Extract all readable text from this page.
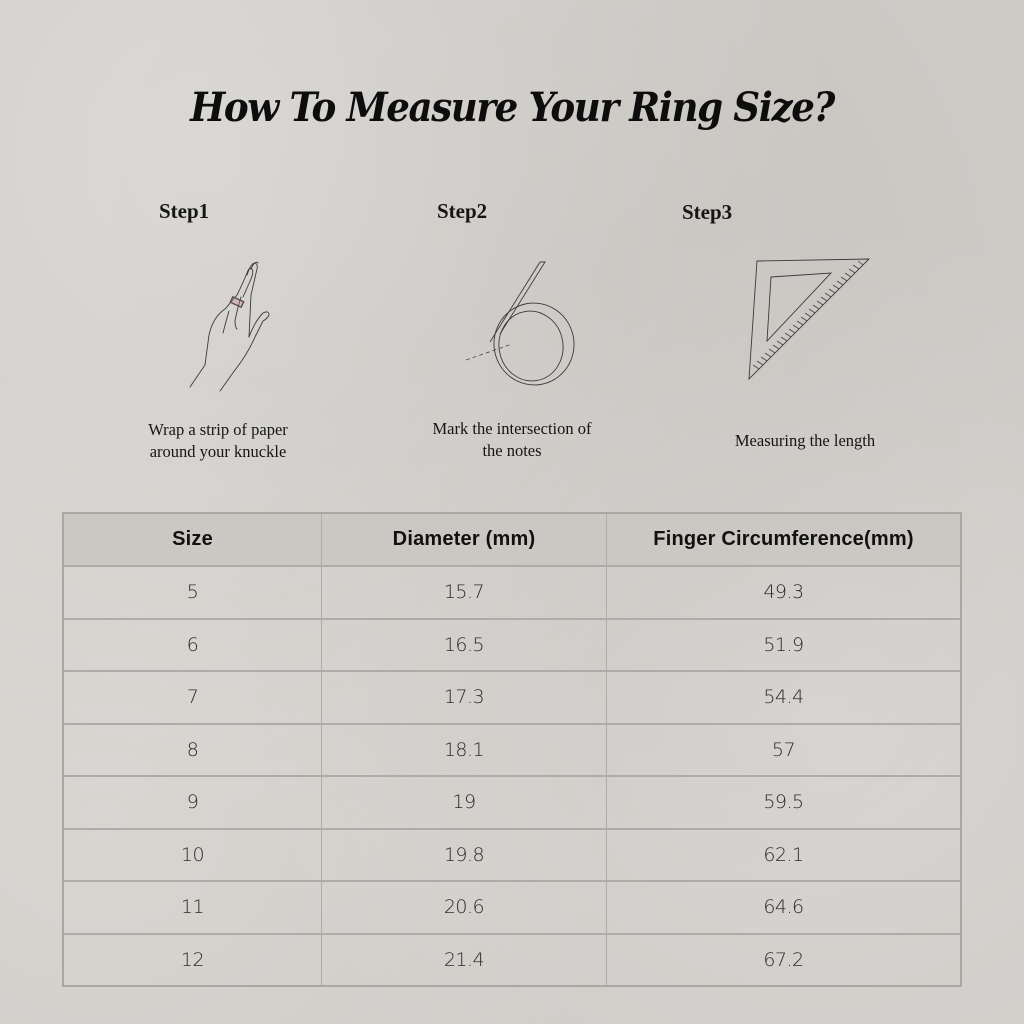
How To Measure Your Ring Size?
Step1
Wrap a strip of paper
around your knuckle
Step2
Mark the intersection of
the notes
Step3
Measuring the length
Size	Diameter (mm)	Finger Circumference(mm)
5	15.7	49.3
6	16.5	51.9
7	17.3	54.4
8	18.1	57
9	19	59.5
10	19.8	62.1
11	20.6	64.6
12	21.4	67.2
